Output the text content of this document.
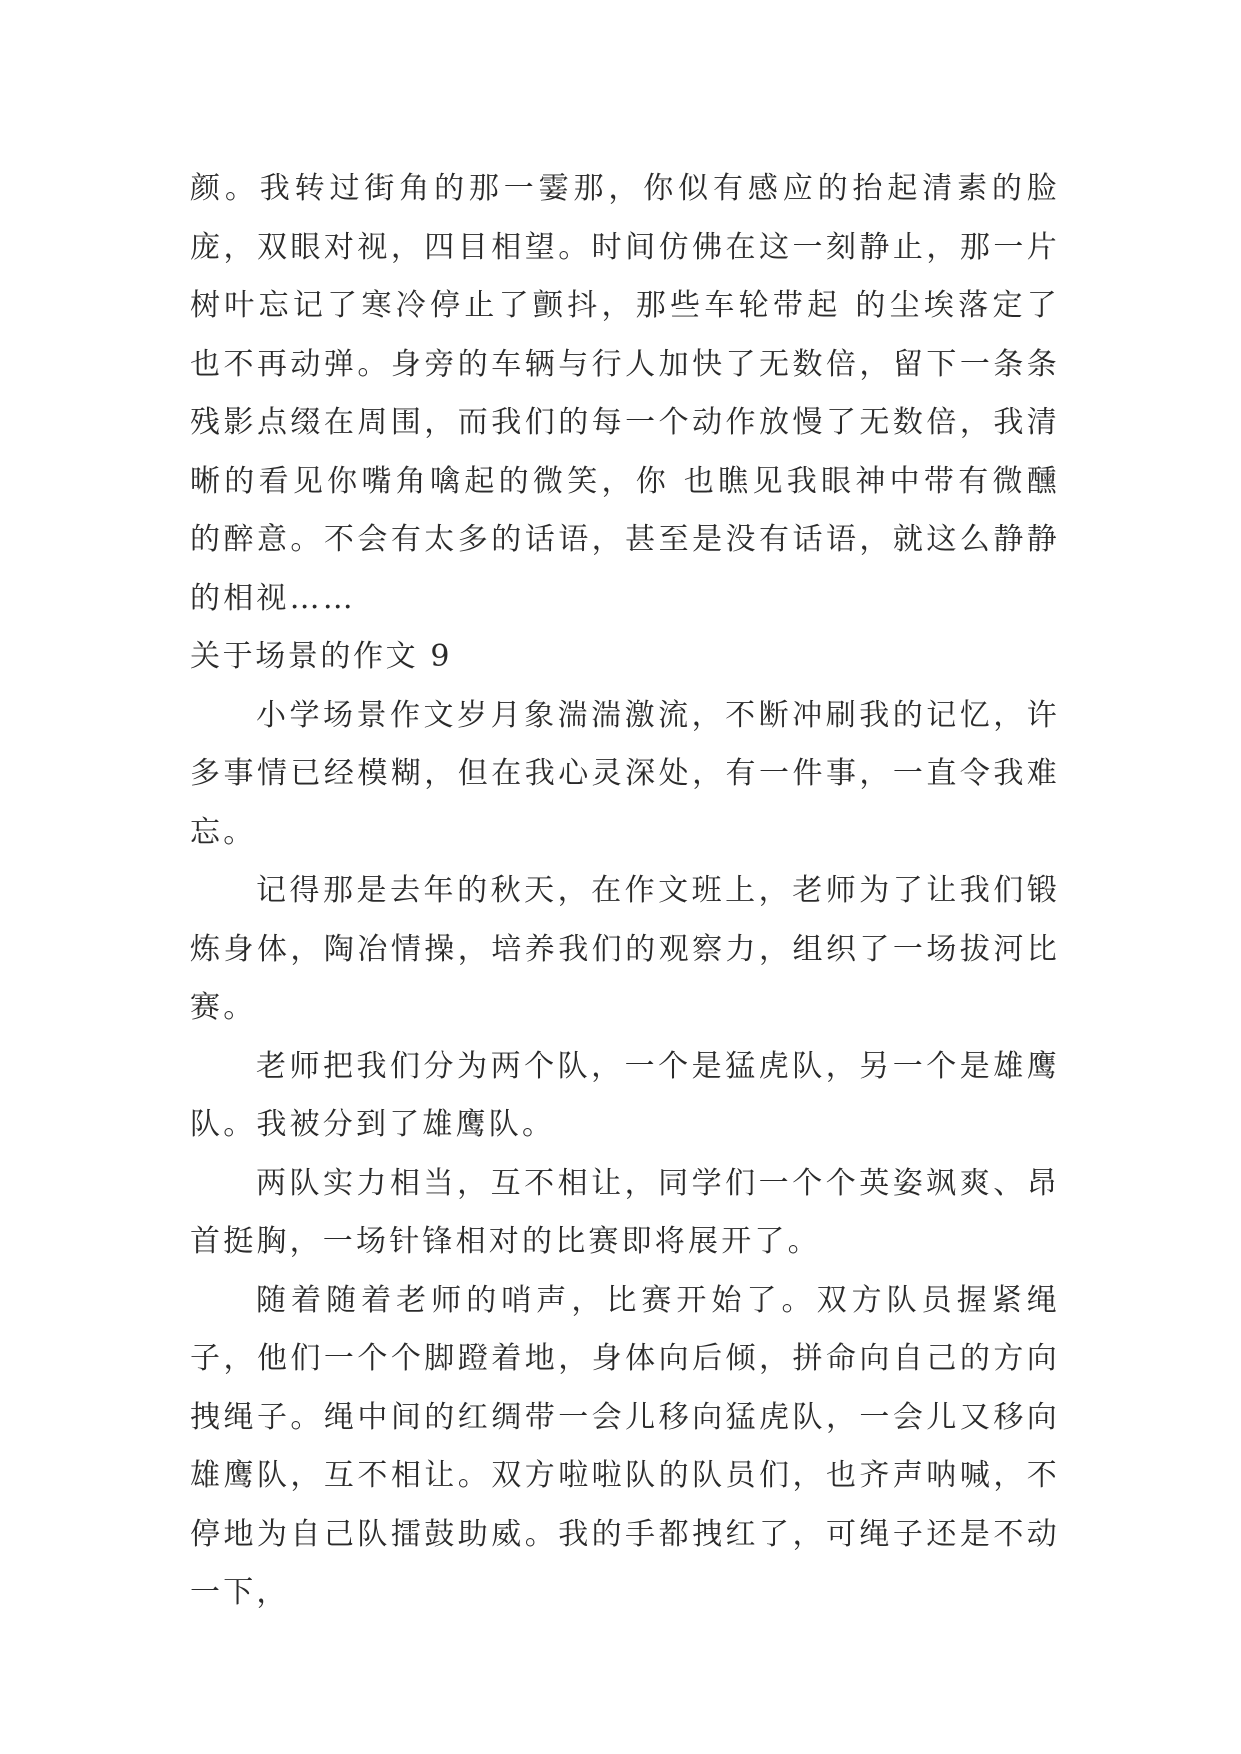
颜。我转过街角的那一霎那，你似有感应的抬起清素的脸庞，双眼对视，四目相望。时间仿佛在这一刻静止，那一片树叶忘记了寒冷停止了颤抖，那些车轮带起 的尘埃落定了也不再动弹。身旁的车辆与行人加快了无数倍，留下一条条残影点缀在周围，而我们的每一个动作放慢了无数倍，我清晰的看见你嘴角噙起的微笑，你 也瞧见我眼神中带有微醺的醉意。不会有太多的话语，甚至是没有话语，就这么静静的相视……

关于场景的作文 9

小学场景作文岁月象湍湍激流，不断冲刷我的记忆，许多事情已经模糊，但在我心灵深处，有一件事，一直令我难忘。

记得那是去年的秋天，在作文班上，老师为了让我们锻炼身体，陶冶情操，培养我们的观察力，组织了一场拔河比赛。

老师把我们分为两个队，一个是猛虎队，另一个是雄鹰队。我被分到了雄鹰队。

两队实力相当，互不相让，同学们一个个英姿飒爽、昂首挺胸，一场针锋相对的比赛即将展开了。

随着随着老师的哨声，比赛开始了。双方队员握紧绳子，他们一个个脚蹬着地，身体向后倾，拼命向自己的方向拽绳子。绳中间的红绸带一会儿移向猛虎队，一会儿又移向雄鹰队，互不相让。双方啦啦队的队员们，也齐声呐喊，不停地为自己队擂鼓助威。我的手都拽红了，可绳子还是不动一下，
